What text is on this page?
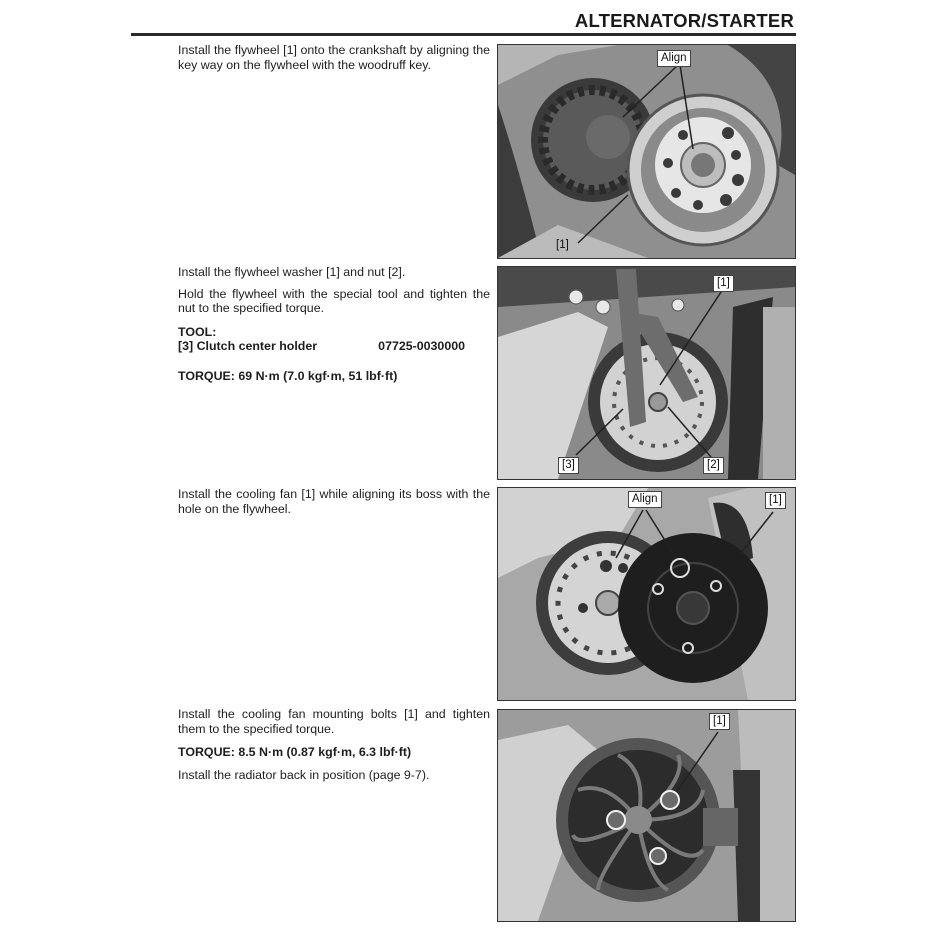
ALTERNATOR/STARTER

Install the flywheel [1] onto the crankshaft by aligning the key way on the flywheel with the woodruff key.	Align
[1]

Install the flywheel washer [1] and nut [2].

Hold the flywheel with the special tool and tighten the nut to the specified torque.

TOOL:

[3] Clutch center holder	07725-0030000

TORQUE: 69 N·m (7.0 kgf·m, 51 lbf·ft)

[1]
[3]	[2]

Install the cooling fan [1] while aligning its boss with the hole on the flywheel.

Align	[1]

Install the cooling fan mounting bolts [1] and tighten them to the specified torque.

TORQUE: 8.5 N·m (0.87 kgf·m, 6.3 lbf·ft)

Install the radiator back in position (page 9-7).

[1]
